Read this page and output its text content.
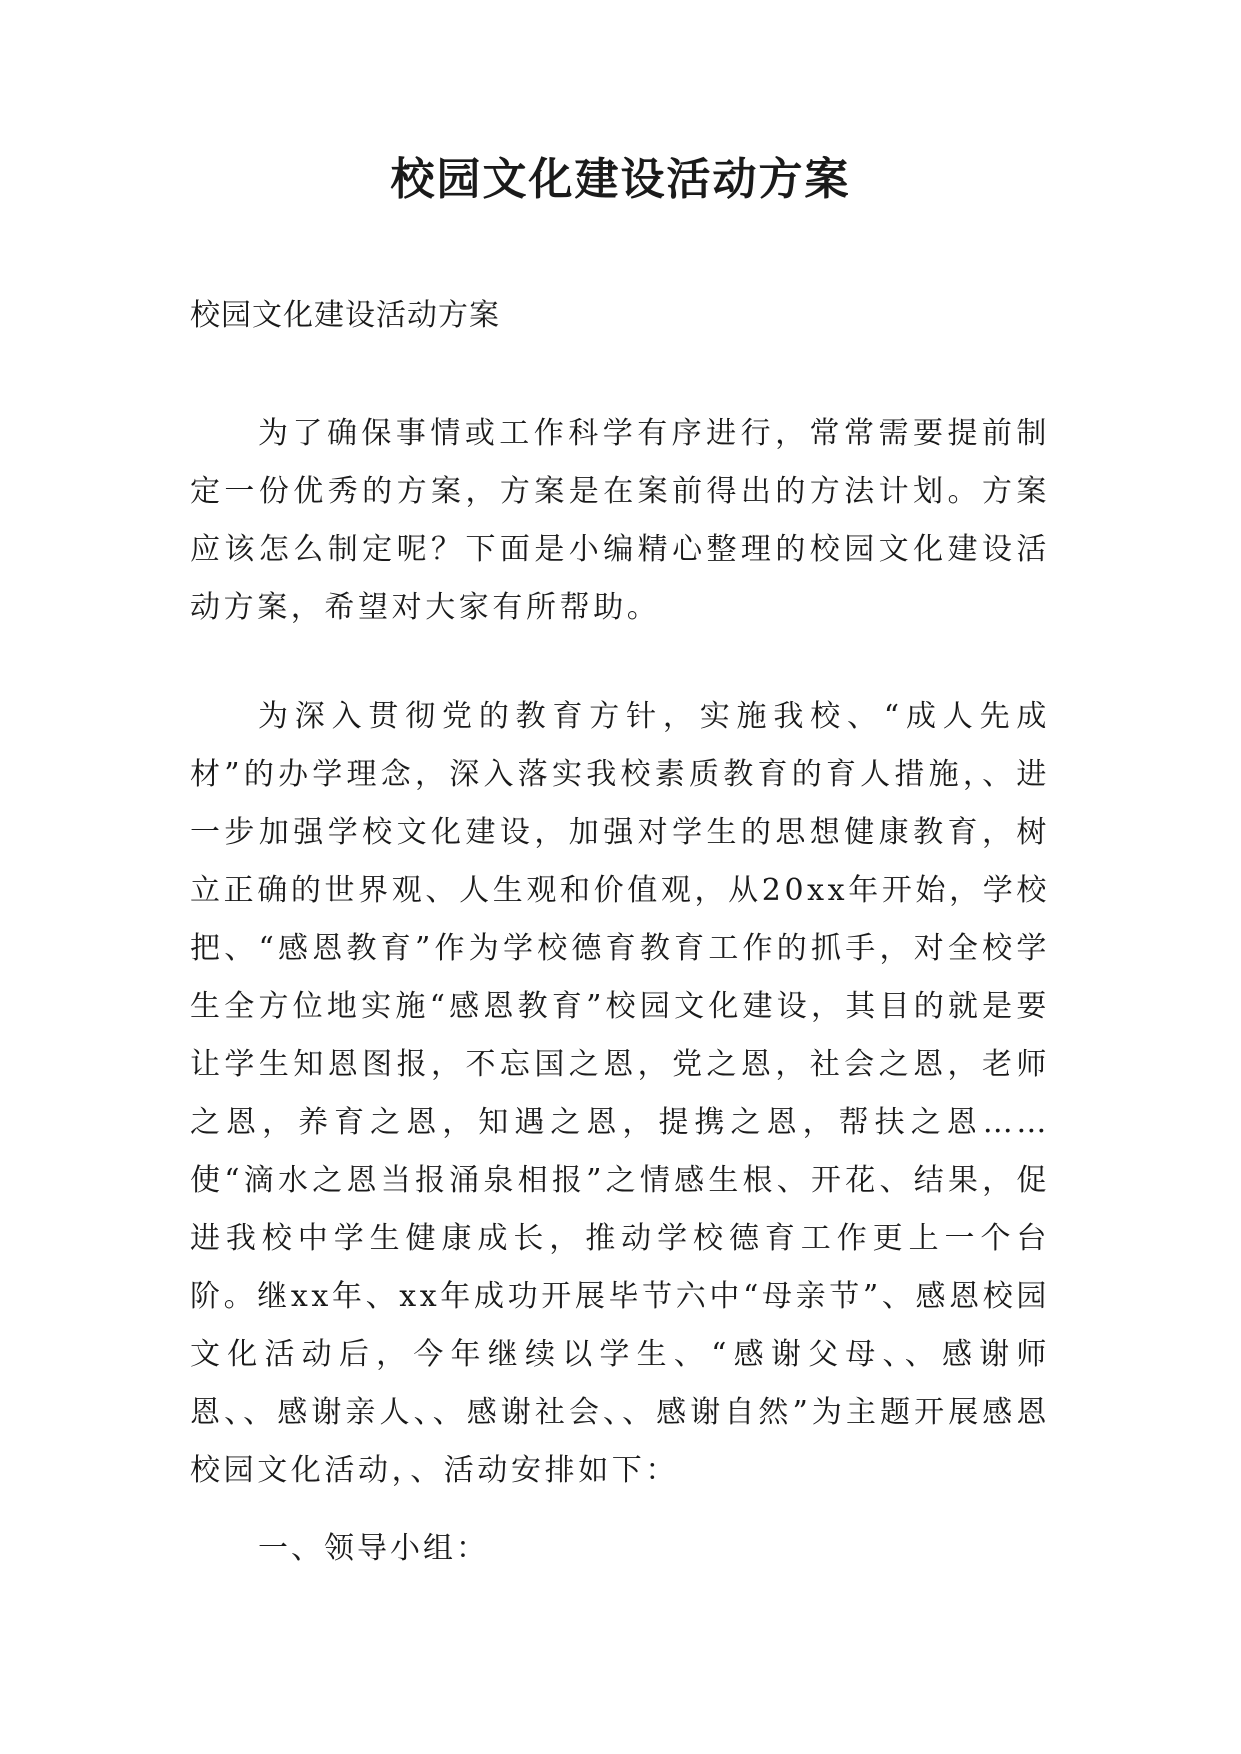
校园文化建设活动方案

校园文化建设活动方案

为了确保事情或工作科学有序进行，常常需要提前制定一份优秀的方案，方案是在案前得出的方法计划。方案应该怎么制定呢？下面是小编精心整理的校园文化建设活动方案，希望对大家有所帮助。

为深入贯彻党的教育方针，实施我校、“成人先成材”的办学理念，深入落实我校素质教育的育人措施，、进一步加强学校文化建设，加强对学生的思想健康教育，树立正确的世界观、人生观和价值观，从20xx年开始，学校把、“感恩教育”作为学校德育教育工作的抓手，对全校学生全方位地实施“感恩教育”校园文化建设，其目的就是要让学生知恩图报，不忘国之恩，党之恩，社会之恩，老师之恩，养育之恩，知遇之恩，提携之恩，帮扶之恩……使“滴水之恩当报涌泉相报”之情感生根、开花、结果，促进我校中学生健康成长，推动学校德育工作更上一个台阶。继xx年、xx年成功开展毕节六中“母亲节”、感恩校园文化活动后，今年继续以学生、“感谢父母、、感谢师恩、、感谢亲人、、感谢社会、、感谢自然”为主题开展感恩校园文化活动，、活动安排如下：

一、领导小组：
